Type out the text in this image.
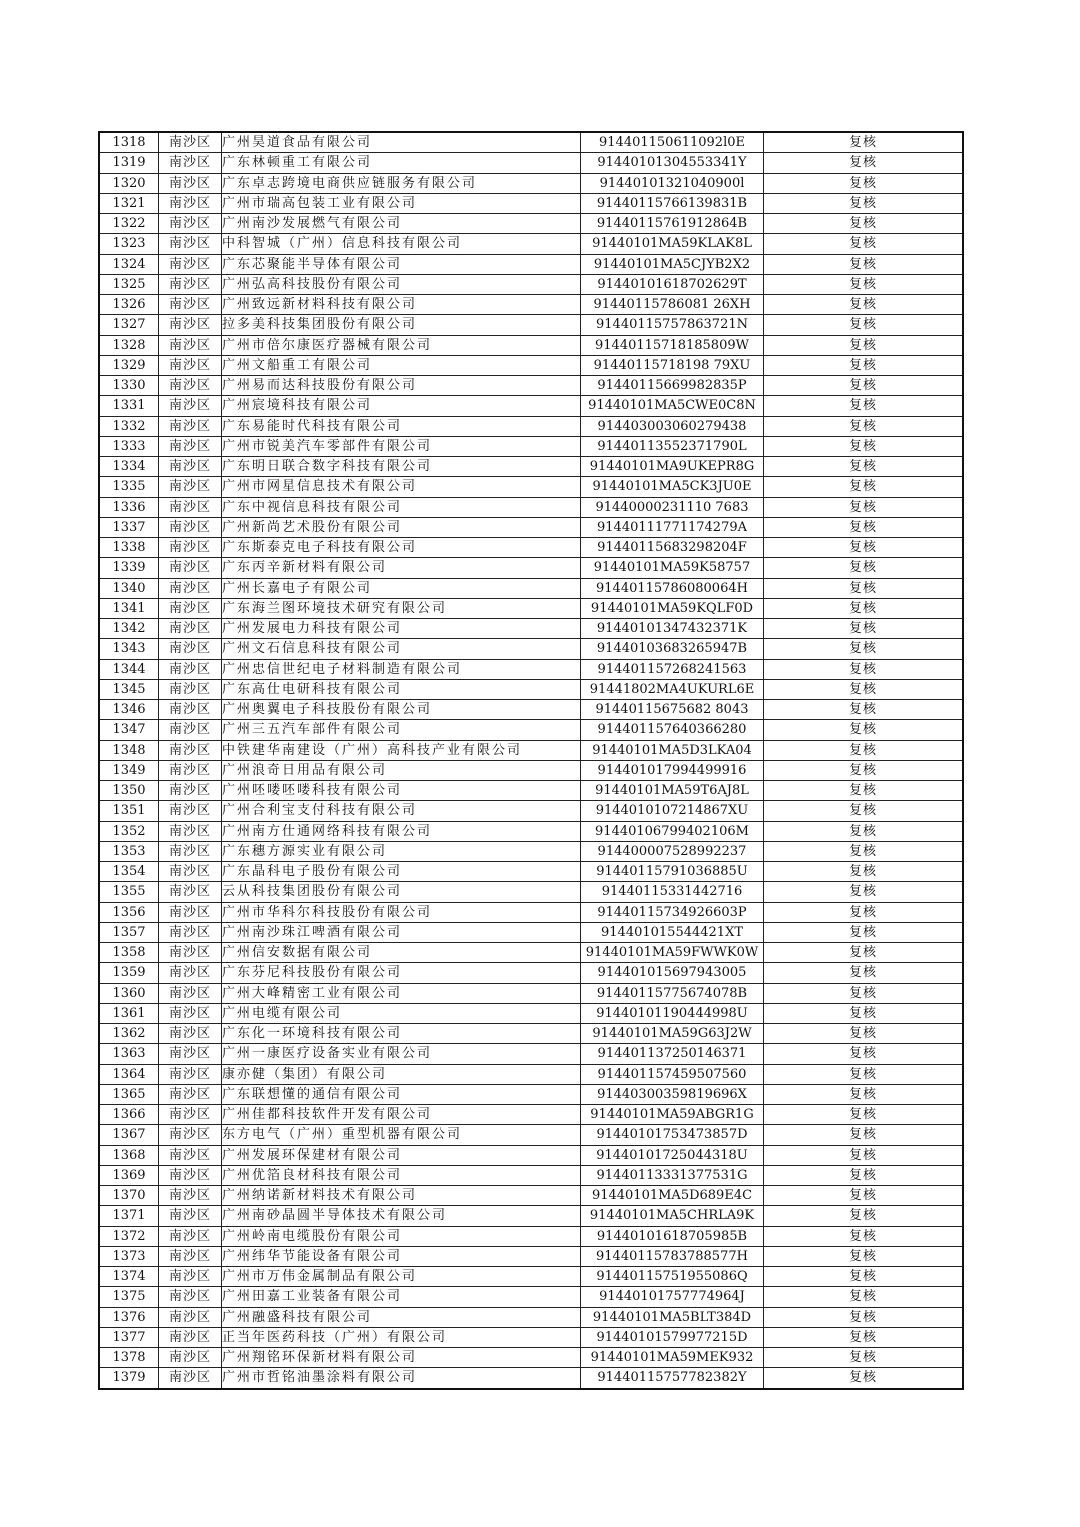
1318	南沙区	广州昊道食品有限公司	914401150611092l0E	复核
1319	南沙区	广东林顿重工有限公司	91440101304553341Y	复核
1320	南沙区	广东卓志跨境电商供应链服务有限公司	91440101321040900l	复核
1321	南沙区	广州市瑞高包装工业有限公司	91440115766139831B	复核
1322	南沙区	广州南沙发展燃气有限公司	91440115761912864B	复核
1323	南沙区	中科智城（广州）信息科技有限公司	91440101MA59KLAK8L	复核
1324	南沙区	广东芯聚能半导体有限公司	91440101MA5CJYB2X2	复核
1325	南沙区	广州弘高科技股份有限公司	91440101618702629T	复核
1326	南沙区	广州致远新材料科技有限公司	91440115786081 26XH	复核
1327	南沙区	拉多美科技集团股份有限公司	91440115757863721N	复核
1328	南沙区	广州市倍尔康医疗器械有限公司	91440115718185809W	复核
1329	南沙区	广州文船重工有限公司	91440115718198 79XU	复核
1330	南沙区	广州易而达科技股份有限公司	91440115669982835P	复核
1331	南沙区	广州宸境科技有限公司	91440101MA5CWE0C8N	复核
1332	南沙区	广东易能时代科技有限公司	914403003060279438	复核
1333	南沙区	广州市锐美汽车零部件有限公司	91440113552371790L	复核
1334	南沙区	广东明日联合数字科技有限公司	91440101MA9UKEPR8G	复核
1335	南沙区	广州市网星信息技术有限公司	91440101MA5CK3JU0E	复核
1336	南沙区	广东中视信息科技有限公司	91440000231110 7683	复核
1337	南沙区	广州新尚艺术股份有限公司	91440111771174279A	复核
1338	南沙区	广东斯泰克电子科技有限公司	91440115683298204F	复核
1339	南沙区	广东丙辛新材料有限公司	91440101MA59K58757	复核
1340	南沙区	广州长嘉电子有限公司	91440115786080064H	复核
1341	南沙区	广东海兰图环境技术研究有限公司	91440101MA59KQLF0D	复核
1342	南沙区	广州发展电力科技有限公司	91440101347432371K	复核
1343	南沙区	广州文石信息科技有限公司	91440103683265947B	复核
1344	南沙区	广州忠信世纪电子材料制造有限公司	914401157268241563	复核
1345	南沙区	广东高仕电研科技有限公司	91441802MA4UKURL6E	复核
1346	南沙区	广州奥翼电子科技股份有限公司	91440115675682 8043	复核
1347	南沙区	广州三五汽车部件有限公司	914401157640366280	复核
1348	南沙区	中铁建华南建设（广州）高科技产业有限公司	91440101MA5D3LKA04	复核
1349	南沙区	广州浪奇日用品有限公司	914401017994499916	复核
1350	南沙区	广州呸喽呸喽科技有限公司	91440101MA59T6AJ8L	复核
1351	南沙区	广州合利宝支付科技有限公司	9144010107214867XU	复核
1352	南沙区	广州南方仕通网络科技有限公司	91440106799402106M	复核
1353	南沙区	广东穗方源实业有限公司	914400007528992237	复核
1354	南沙区	广东晶科电子股份有限公司	91440115791036885U	复核
1355	南沙区	云从科技集团股份有限公司	91440115331442716	复核
1356	南沙区	广州市华科尔科技股份有限公司	91440115734926603P	复核
1357	南沙区	广州南沙珠江啤酒有限公司	914401015544421XT	复核
1358	南沙区	广州信安数据有限公司	91440101MA59FWWK0W	复核
1359	南沙区	广东芬尼科技股份有限公司	914401015697943005	复核
1360	南沙区	广州大峰精密工业有限公司	91440115775674078B	复核
1361	南沙区	广州电缆有限公司	91440101190444998U	复核
1362	南沙区	广东化一环境科技有限公司	91440101MA59G63J2W	复核
1363	南沙区	广州一康医疗设备实业有限公司	914401137250146371	复核
1364	南沙区	康亦健（集团）有限公司	914401157459507560	复核
1365	南沙区	广东联想懂的通信有限公司	91440300359819696X	复核
1366	南沙区	广州佳都科技软件开发有限公司	91440101MA59ABGR1G	复核
1367	南沙区	东方电气（广州）重型机器有限公司	91440101753473857D	复核
1368	南沙区	广州发展环保建材有限公司	91440101725044318U	复核
1369	南沙区	广州优箔良材科技有限公司	91440113331377531G	复核
1370	南沙区	广州纳诺新材料技术有限公司	91440101MA5D689E4C	复核
1371	南沙区	广州南砂晶圆半导体技术有限公司	91440101MA5CHRLA9K	复核
1372	南沙区	广州岭南电缆股份有限公司	91440101618705985B	复核
1373	南沙区	广州纬华节能设备有限公司	91440115783788577H	复核
1374	南沙区	广州市万伟金属制品有限公司	91440115751955086Q	复核
1375	南沙区	广州田嘉工业装备有限公司	91440101757774964J	复核
1376	南沙区	广州融盛科技有限公司	91440101MA5BLT384D	复核
1377	南沙区	正当年医药科技（广州）有限公司	91440101579977215D	复核
1378	南沙区	广州翔铭环保新材料有限公司	91440101MA59MEK932	复核
1379	南沙区	广州市哲铭油墨涂料有限公司	91440115757782382Y	复核
